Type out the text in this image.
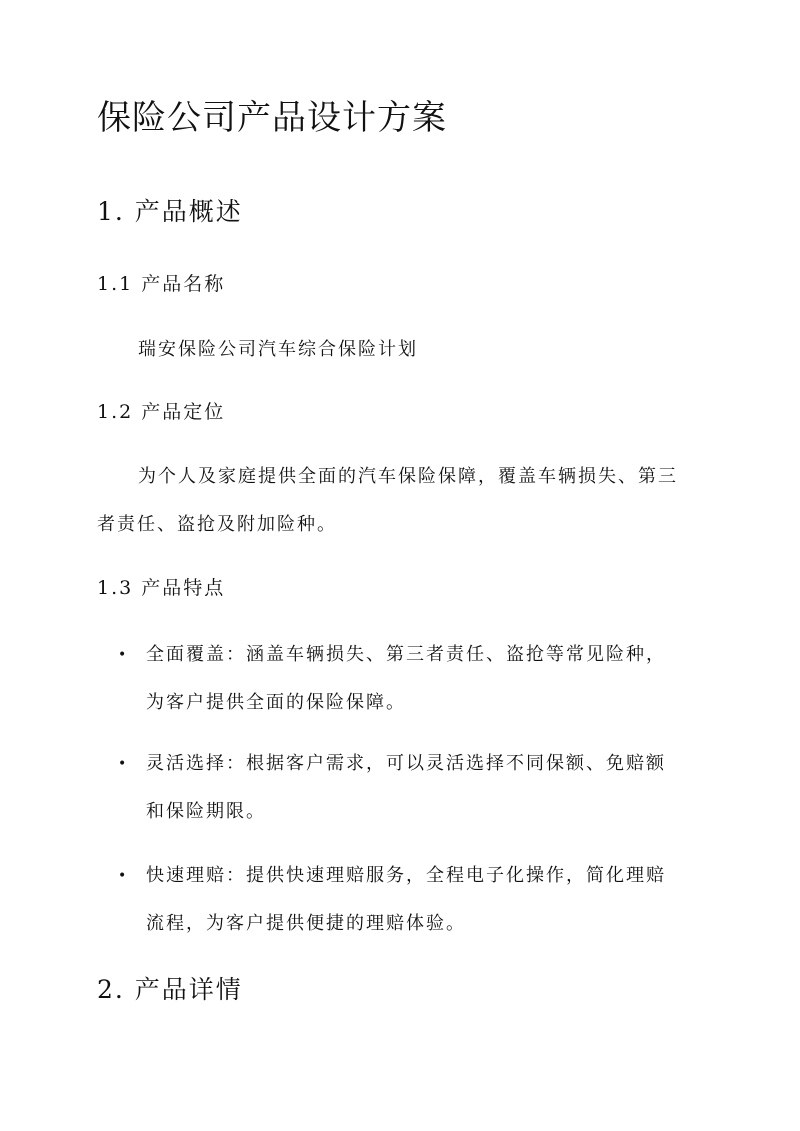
保险公司产品设计方案
1. 产品概述
1.1 产品名称

瑞安保险公司汽车综合保险计划

1.2 产品定位

为个人及家庭提供全面的汽车保险保障，覆盖车辆损失、第三

者责任、盗抢及附加险种。

1.3 产品特点
• 全面覆盖：涵盖车辆损失、第三者责任、盗抢等常见险种，

为客户提供全面的保险保障。

• 灵活选择：根据客户需求，可以灵活选择不同保额、免赔额

和保险期限。

• 快速理赔：提供快速理赔服务，全程电子化操作，简化理赔

流程，为客户提供便捷的理赔体验。

2. 产品详情
